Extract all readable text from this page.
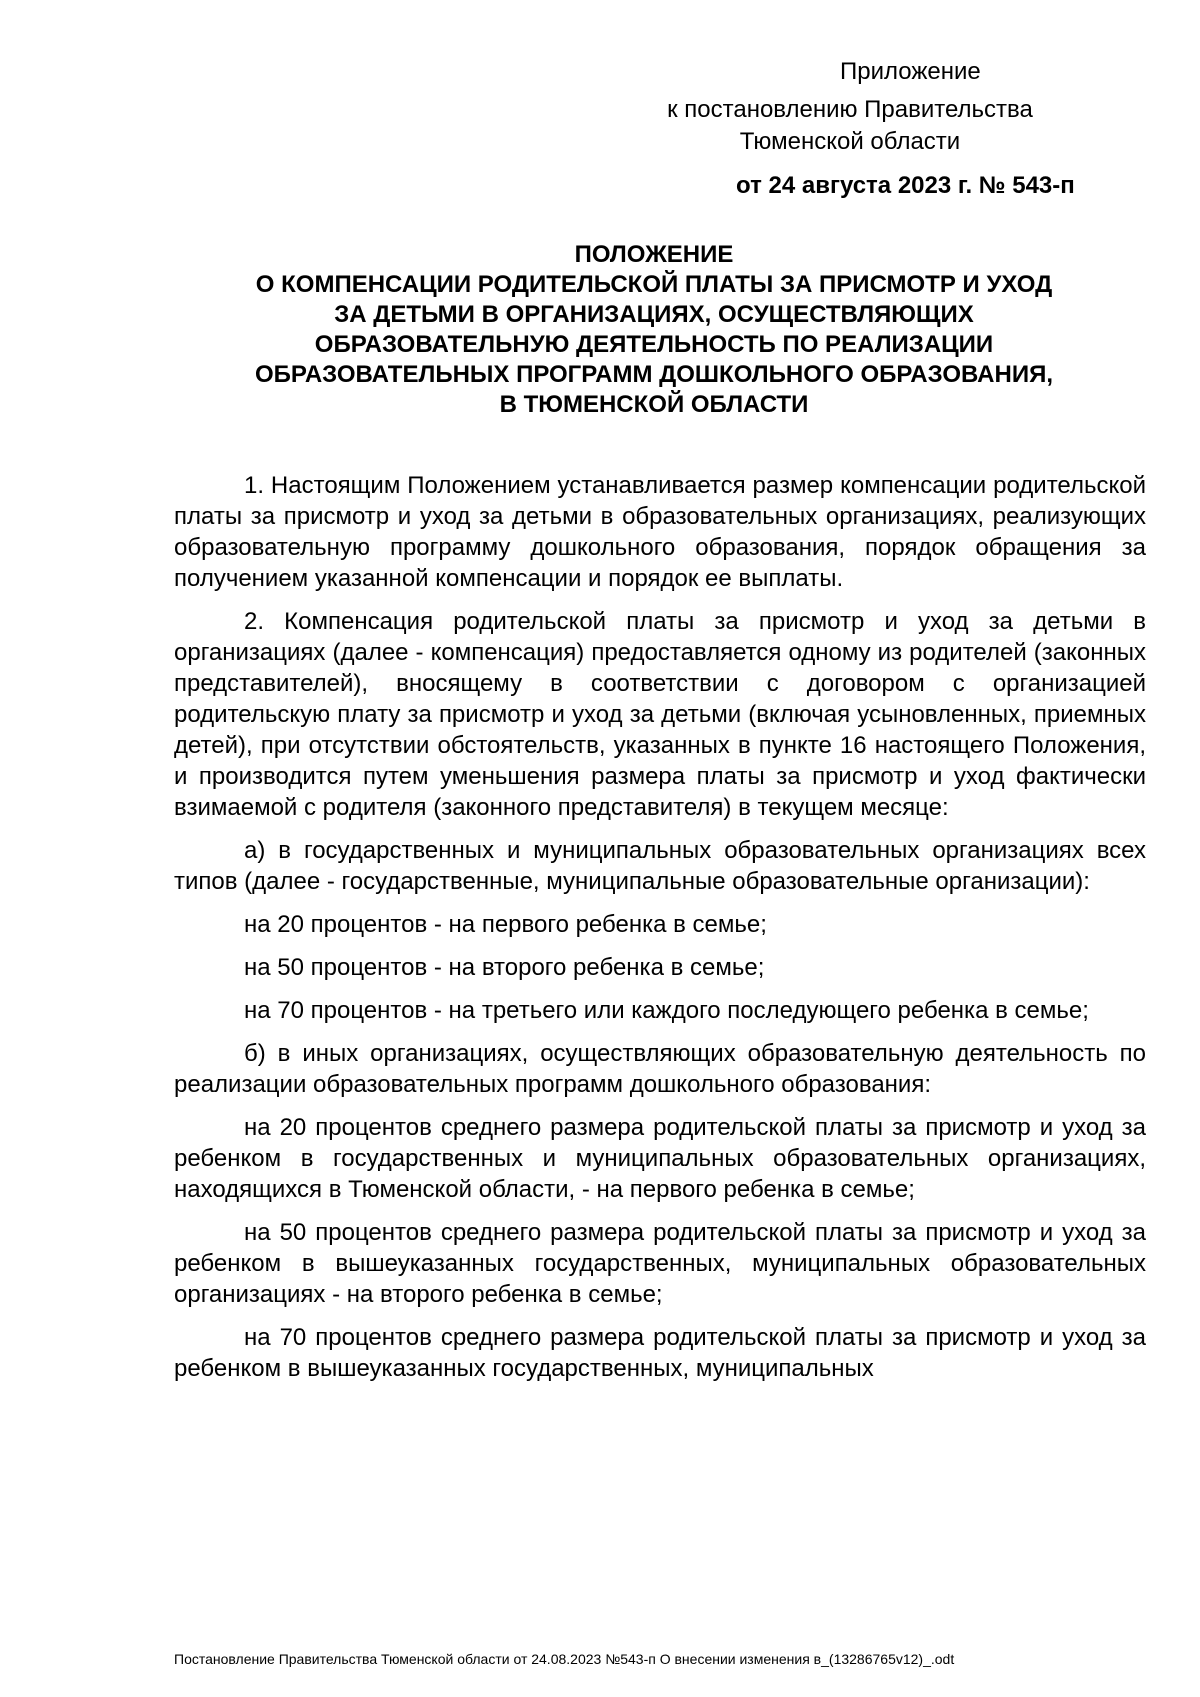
Приложение
к постановлению Правительства
Тюменской области
от 24 августа 2023 г. № 543-п
ПОЛОЖЕНИЕ
О КОМПЕНСАЦИИ РОДИТЕЛЬСКОЙ ПЛАТЫ ЗА ПРИСМОТР И УХОД
ЗА ДЕТЬМИ В ОРГАНИЗАЦИЯХ, ОСУЩЕСТВЛЯЮЩИХ
ОБРАЗОВАТЕЛЬНУЮ ДЕЯТЕЛЬНОСТЬ ПО РЕАЛИЗАЦИИ
ОБРАЗОВАТЕЛЬНЫХ ПРОГРАММ ДОШКОЛЬНОГО ОБРАЗОВАНИЯ,
В ТЮМЕНСКОЙ ОБЛАСТИ

1. Настоящим Положением устанавливается размер компенсации родительской платы за присмотр и уход за детьми в образовательных организациях, реализующих образовательную программу дошкольного образования, порядок обращения за получением указанной компенсации и порядок ее выплаты.

2. Компенсация родительской платы за присмотр и уход за детьми в организациях (далее - компенсация) предоставляется одному из родителей (законных представителей), вносящему в соответствии с договором с организацией родительскую плату за присмотр и уход за детьми (включая усыновленных, приемных детей), при отсутствии обстоятельств, указанных в пункте 16 настоящего Положения, и производится путем уменьшения размера платы за присмотр и уход фактически взимаемой с родителя (законного представителя) в текущем месяце:

а) в государственных и муниципальных образовательных организациях всех типов (далее - государственные, муниципальные образовательные организации):

на 20 процентов - на первого ребенка в семье;

на 50 процентов - на второго ребенка в семье;

на 70 процентов - на третьего или каждого последующего ребенка в семье;

б) в иных организациях, осуществляющих образовательную деятельность по реализации образовательных программ дошкольного образования:

на 20 процентов среднего размера родительской платы за присмотр и уход за ребенком в государственных и муниципальных образовательных организациях, находящихся в Тюменской области, - на первого ребенка в семье;

на 50 процентов среднего размера родительской платы за присмотр и уход за ребенком в вышеуказанных государственных, муниципальных образовательных организациях - на второго ребенка в семье;

на 70 процентов среднего размера родительской платы за присмотр и уход за ребенком в вышеуказанных государственных, муниципальных

Постановление Правительства Тюменской области от 24.08.2023 №543-п О внесении изменения в_(13286765v12)_.odt
